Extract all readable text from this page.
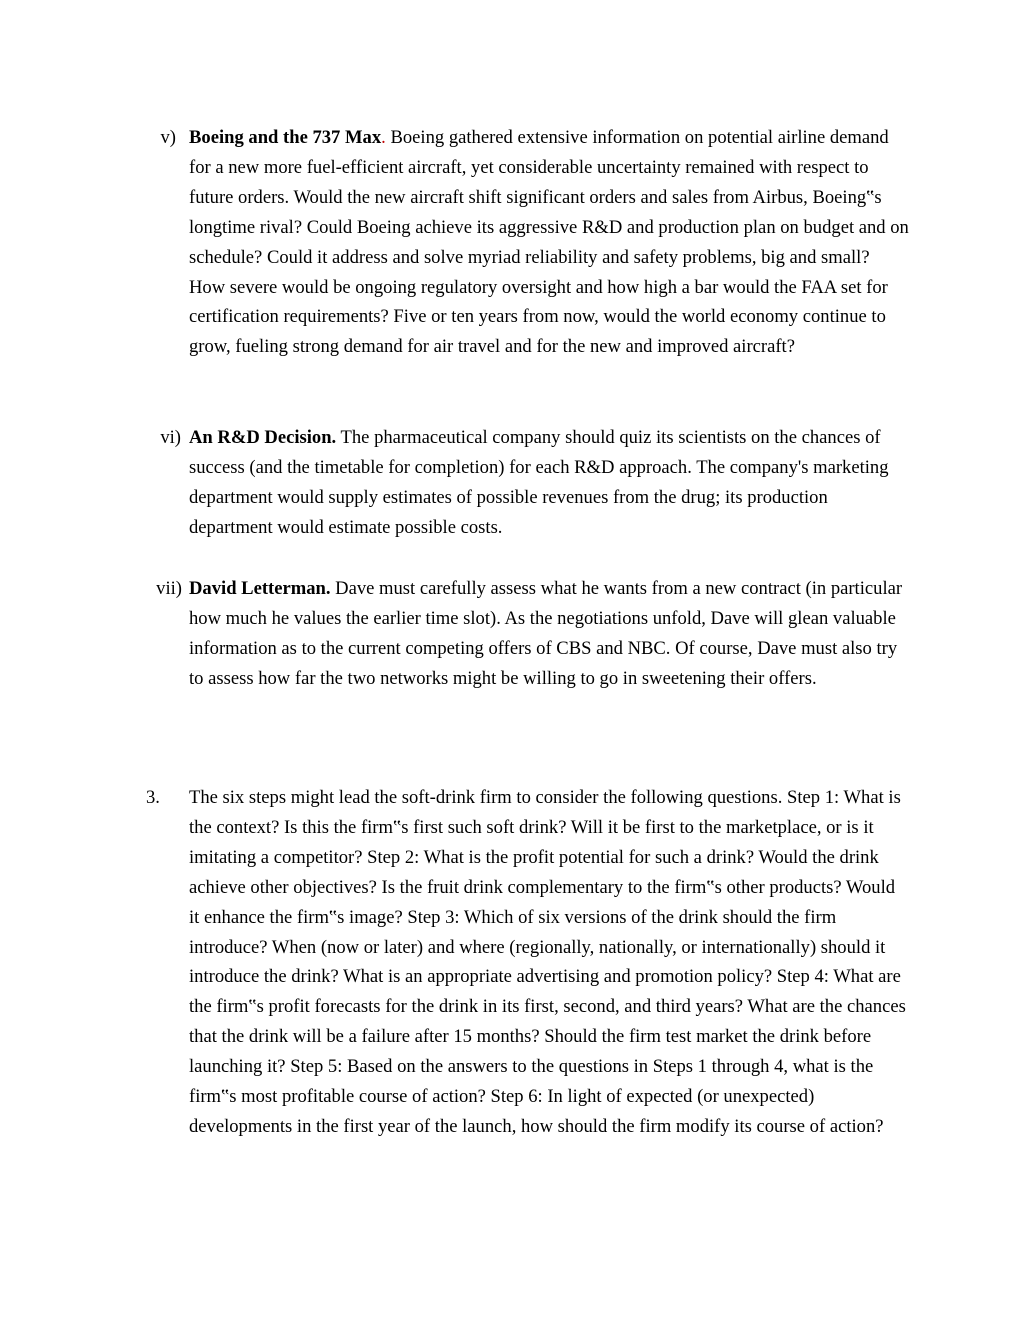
v) Boeing and the 737 Max. Boeing gathered extensive information on potential airline demand for a new more fuel-efficient aircraft, yet considerable uncertainty remained with respect to future orders. Would the new aircraft shift significant orders and sales from Airbus, Boeing‟s longtime rival? Could Boeing achieve its aggressive R&D and production plan on budget and on schedule? Could it address and solve myriad reliability and safety problems, big and small? How severe would be ongoing regulatory oversight and how high a bar would the FAA set for certification requirements? Five or ten years from now, would the world economy continue to grow, fueling strong demand for air travel and for the new and improved aircraft?
vi) An R&D Decision. The pharmaceutical company should quiz its scientists on the chances of success (and the timetable for completion) for each R&D approach. The company's marketing department would supply estimates of possible revenues from the drug; its production department would estimate possible costs.
vii) David Letterman. Dave must carefully assess what he wants from a new contract (in particular how much he values the earlier time slot). As the negotiations unfold, Dave will glean valuable information as to the current competing offers of CBS and NBC. Of course, Dave must also try to assess how far the two networks might be willing to go in sweetening their offers.
3.	The six steps might lead the soft-drink firm to consider the following questions. Step 1: What is the context? Is this the firm‟s first such soft drink? Will it be first to the marketplace, or is it imitating a competitor? Step 2: What is the profit potential for such a drink? Would the drink achieve other objectives? Is the fruit drink complementary to the firm‟s other products? Would it enhance the firm‟s image? Step 3: Which of six versions of the drink should the firm introduce? When (now or later) and where (regionally, nationally, or internationally) should it introduce the drink? What is an appropriate advertising and promotion policy? Step 4: What are the firm‟s profit forecasts for the drink in its first, second, and third years? What are the chances that the drink will be a failure after 15 months? Should the firm test market the drink before launching it? Step 5: Based on the answers to the questions in Steps 1 through 4, what is the firm‟s most profitable course of action? Step 6: In light of expected (or unexpected) developments in the first year of the launch, how should the firm modify its course of action?
